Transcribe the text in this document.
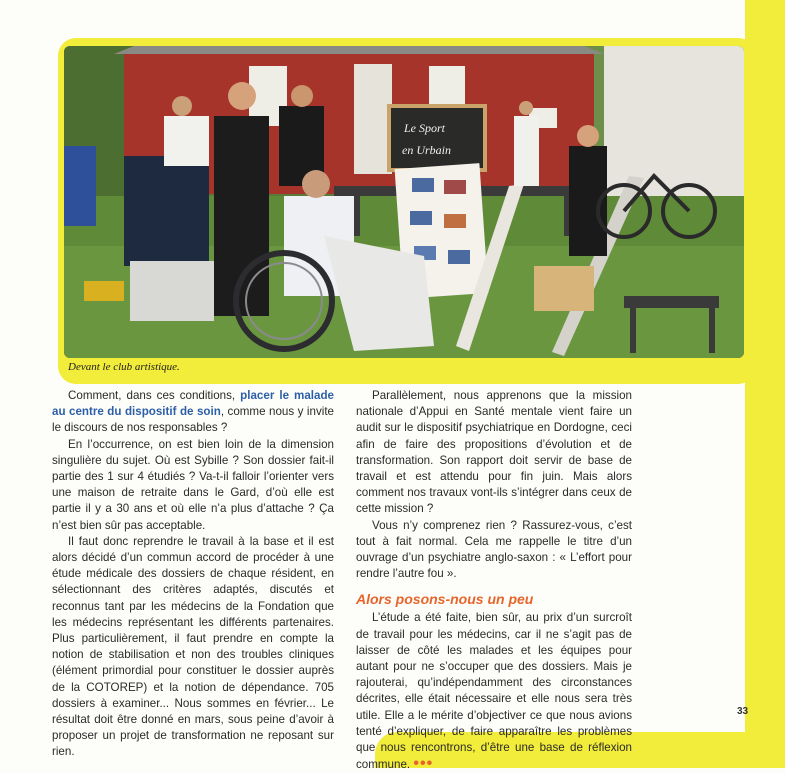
Le Sport
en Urbain
Devant le club artistique.

Comment, dans ces conditions, placer le malade au centre du dispositif de soin, comme nous y invite le discours de nos responsables ?

En l’occurrence, on est bien loin de la dimension singulière du sujet. Où est Sybille ? Son dossier fait-il partie des 1 sur 4 étudiés ? Va-t-il falloir l’orienter vers une maison de retraite dans le Gard, d’où elle est partie il y a 30 ans et où elle n’a plus d’attache ? Ça n’est bien sûr pas acceptable.

Il faut donc reprendre le travail à la base et il est alors décidé d’un commun accord de procéder à une étude médicale des dossiers de chaque résident, en sélectionnant des critères adaptés, discutés et reconnus tant par les médecins de la Fondation que les médecins représentant les différents partenaires. Plus particulièrement, il faut prendre en compte la notion de stabilisation et non des troubles cliniques (élément primordial pour constituer le dossier auprès de la COTOREP) et la notion de dépendance. 705 dossiers à examiner... Nous sommes en février... Le résultat doit être donné en mars, sous peine d’avoir à proposer un projet de transformation ne reposant sur rien.

Parallèlement, nous apprenons que la mission nationale d’Appui en Santé mentale vient faire un audit sur le dispositif psychiatrique en Dordogne, ceci afin de faire des propositions d’évolution et de transformation. Son rapport doit servir de base de travail et est attendu pour fin juin. Mais alors comment nos travaux vont-ils s’intégrer dans ceux de cette mission ?

Vous n’y comprenez rien ? Rassurez-vous, c’est tout à fait normal. Cela me rappelle le titre d’un ouvrage d’un psychiatre anglo-saxon : « L’effort pour rendre l’autre fou ».

Alors posons-nous un peu

L’étude a été faite, bien sûr, au prix d’un surcroît de travail pour les médecins, car il ne s’agit pas de laisser de côté les malades et les équipes pour autant pour ne s’occuper que des dossiers. Mais je rajouterai, qu’indépendamment des circonstances décrites, elle était nécessaire et elle nous sera très utile. Elle a le mérite d’objectiver ce que nous avions tenté d’expliquer, de faire apparaître les problèmes que nous rencontrons, d’être une base de réflexion commune. •••

33
